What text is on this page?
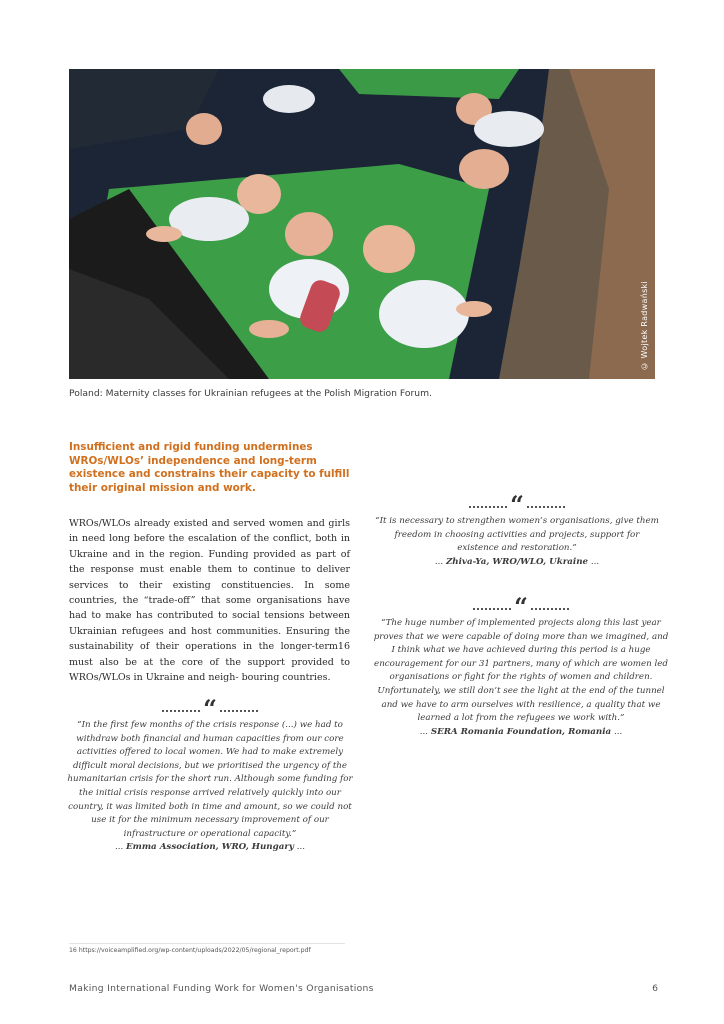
© Wojtek Radwański
Poland: Maternity classes for Ukrainian refugees at the Polish Migration Forum.
Insufficient and rigid funding undermines WROs/WLOs’ independence and long-term existence and constrains their capacity to fulfill their original mission and work.

WROs/WLOs already existed and served women and girls in need long before the escalation of the conflict, both in Ukraine and in the region. Funding provided as part of the response must enable them to continue to deliver services to their existing constituencies. In some countries, the “trade-off” that some organisations have had to make has contributed to social tensions between Ukrainian refugees and host communities. Ensuring the sustainability of their operations in the longer-term16 must also be at the core of the support provided to WROs/WLOs in Ukraine and neigh- bouring countries.

“

“In the first few months of the crisis response (...) we had to withdraw both financial and human capacities from our core activities offered to local women. We had to make extremely difficult moral decisions, but we prioritised the urgency of the humanitarian crisis for the short run. Although some funding for the initial crisis response arrived relatively quickly into our country, it was limited both in time and amount, so we could not use it for the minimum necessary improvement of our infrastructure or operational capacity.”

... Emma Association, WRO, Hungary ...

“

“It is necessary to strengthen women’s organisations, give them freedom in choosing activities and projects, support for existence and restoration.”

... Zhiva-Ya, WRO/WLO, Ukraine ...

“

“The huge number of implemented projects along this last year proves that we were capable of doing more than we imagined, and I think what we have achieved during this period is a huge encouragement for our 31 partners, many of which are women led organisations or fight for the rights of women and children. Unfortunately, we still don’t see the light at the end of the tunnel and we have to arm ourselves with resilience, a quality that we learned a lot from the refugees we work with.”

... SERA Romania Foundation, Romania ...

16 https://voiceamplified.org/wp-content/uploads/2022/05/regional_report.pdf
Making International Funding Work for Women's Organisations	6
